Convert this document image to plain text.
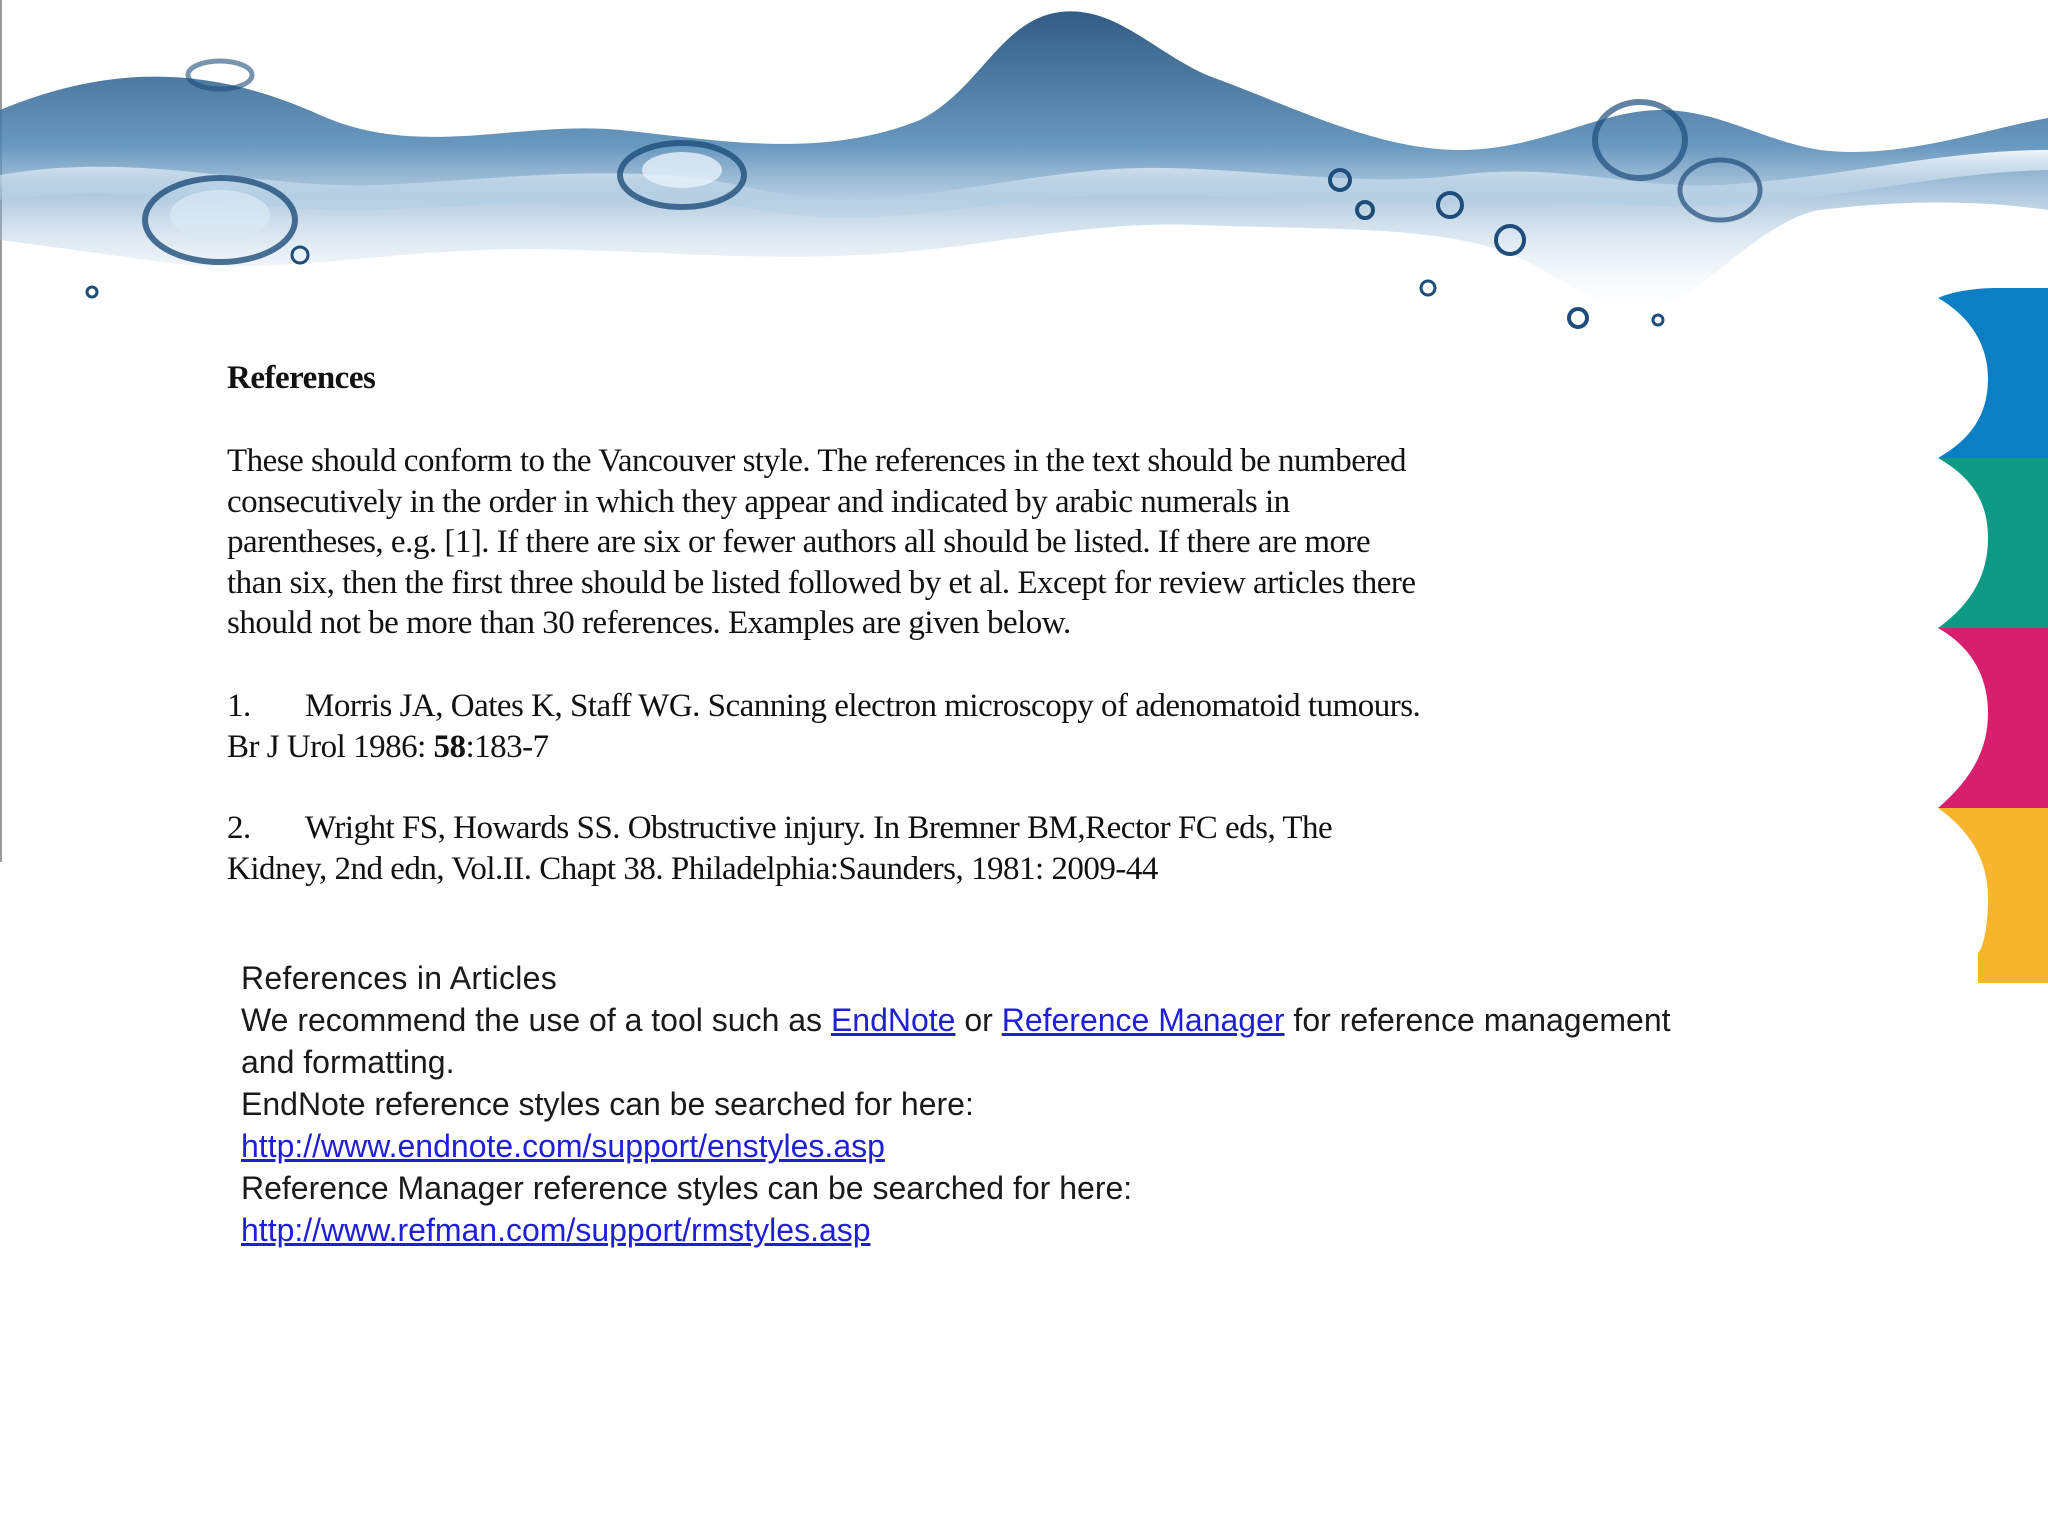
References
These should conform to the Vancouver style. The references in the text should be numbered
consecutively in the order in which they appear and indicated by arabic numerals in
parentheses, e.g. [1]. If there are six or fewer authors all should be listed. If there are more
than six, then the first three should be listed followed by et al. Except for review articles there
should not be more than 30 references. Examples are given below.
1. Morris JA, Oates K, Staff WG. Scanning electron microscopy of adenomatoid tumours.
Br J Urol 1986: 58:183-7
2. Wright FS, Howards SS. Obstructive injury. In Bremner BM,Rector FC eds, The
Kidney, 2nd edn, Vol.II. Chapt 38. Philadelphia:Saunders, 1981: 2009-44
References in Articles
We recommend the use of a tool such as EndNote or Reference Manager for reference management
and formatting.
EndNote reference styles can be searched for here:
http://www.endnote.com/support/enstyles.asp
Reference Manager reference styles can be searched for here:
http://www.refman.com/support/rmstyles.asp
